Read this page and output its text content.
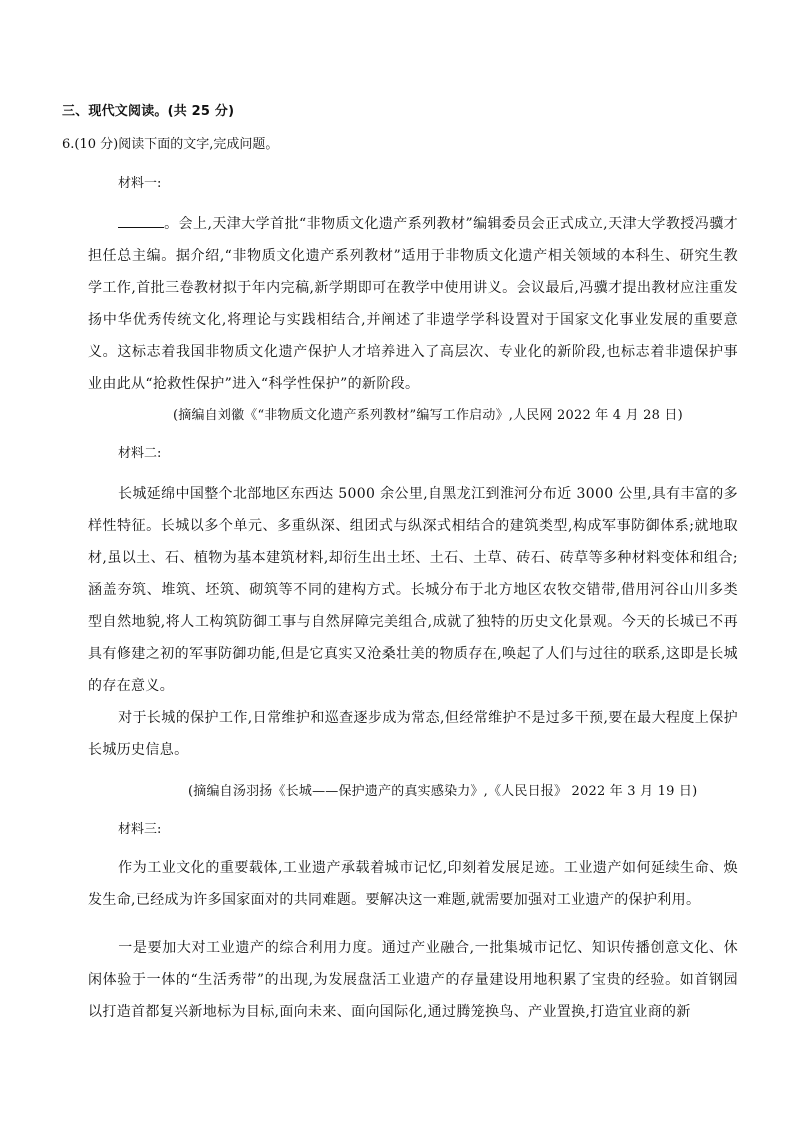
三、现代文阅读。(共 25 分)
6.(10 分)阅读下面的文字,完成问题。
材料一:

。会上,天津大学首批“非物质文化遗产系列教材”编辑委员会正式成立,天津大学教授冯骥才担任总主编。据介绍,“非物质文化遗产系列教材”适用于非物质文化遗产相关领域的本科生、研究生教学工作,首批三卷教材拟于年内完稿,新学期即可在教学中使用讲义。会议最后,冯骥才提出教材应注重发扬中华优秀传统文化,将理论与实践相结合,并阐述了非遗学学科设置对于国家文化事业发展的重要意义。这标志着我国非物质文化遗产保护人才培养进入了高层次、专业化的新阶段,也标志着非遗保护事业由此从“抢救性保护”进入“科学性保护”的新阶段。

(摘编自刘徽《“非物质文化遗产系列教材”编写工作启动》,人民网 2022 年 4 月 28 日)
材料二:

长城延绵中国整个北部地区东西达 5000 余公里,自黑龙江到淮河分布近 3000 公里,具有丰富的多样性特征。长城以多个单元、多重纵深、组团式与纵深式相结合的建筑类型,构成军事防御体系;就地取材,虽以土、石、植物为基本建筑材料,却衍生出土坯、土石、土草、砖石、砖草等多种材料变体和组合;涵盖夯筑、堆筑、坯筑、砌筑等不同的建构方式。长城分布于北方地区农牧交错带,借用河谷山川多类型自然地貌,将人工构筑防御工事与自然屏障完美组合,成就了独特的历史文化景观。今天的长城已不再具有修建之初的军事防御功能,但是它真实又沧桑壮美的物质存在,唤起了人们与过往的联系,这即是长城的存在意义。

对于长城的保护工作,日常维护和巡查逐步成为常态,但经常维护不是过多干预,要在最大程度上保护长城历史信息。

(摘编自汤羽扬《长城——保护遗产的真实感染力》,《人民日报》 2022 年 3 月 19 日)
材料三:

作为工业文化的重要载体,工业遗产承载着城市记忆,印刻着发展足迹。工业遗产如何延续生命、焕发生命,已经成为许多国家面对的共同难题。要解决这一难题,就需要加强对工业遗产的保护利用。

一是要加大对工业遗产的综合利用力度。通过产业融合,一批集城市记忆、知识传播创意文化、休闲体验于一体的“生活秀带”的出现,为发展盘活工业遗产的存量建设用地积累了宝贵的经验。如首钢园以打造首都复兴新地标为目标,面向未来、面向国际化,通过腾笼换鸟、产业置换,打造宜业商的新
